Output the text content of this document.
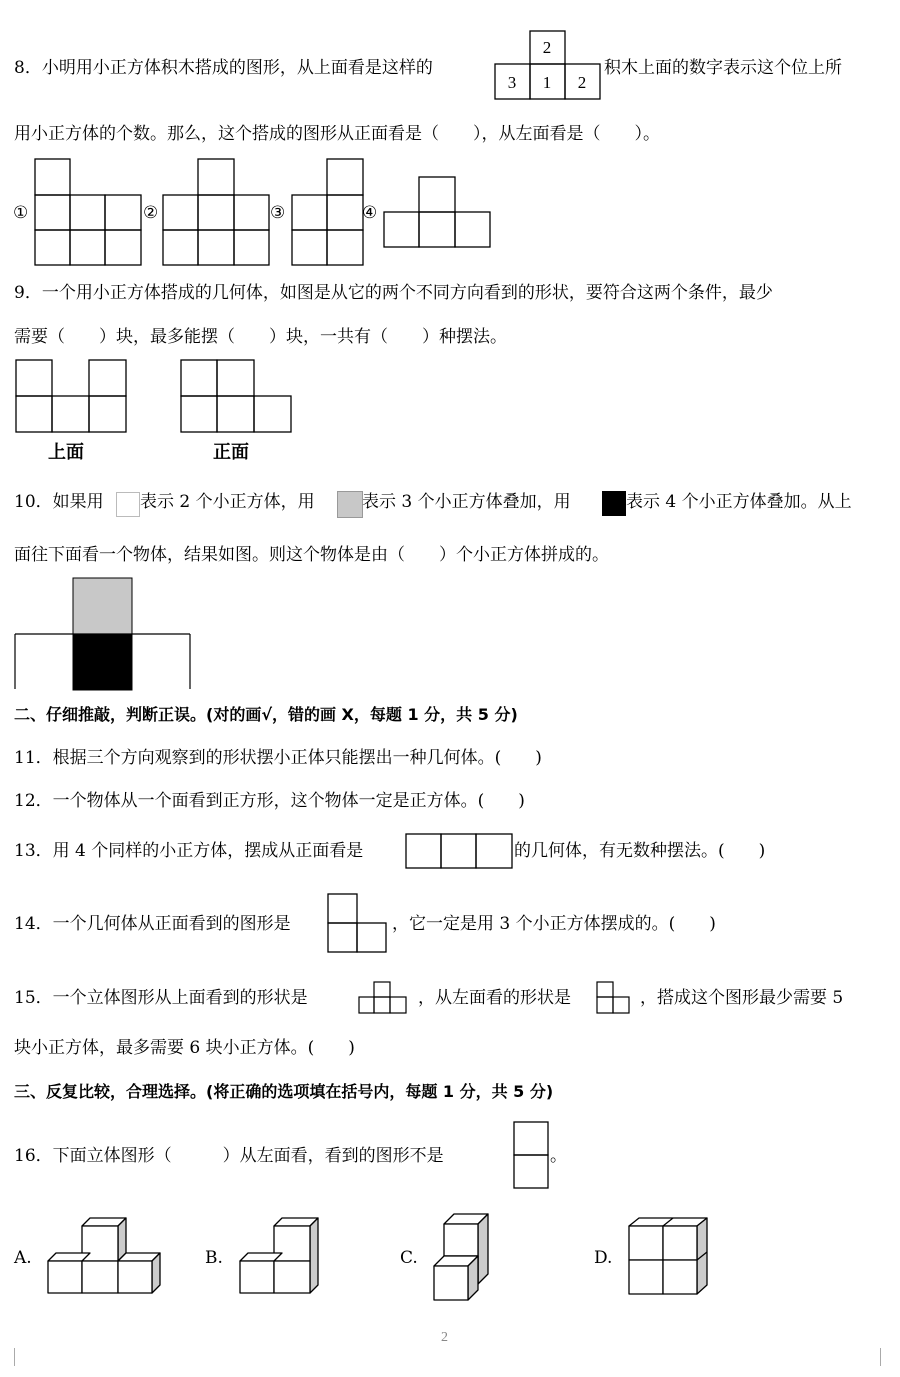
8．小明用小正方体积木搭成的图形，从上面看是这样的
2
3 1 2
积木上面的数字表示这个位上所
用小正方体的个数。那么，这个搭成的图形从正面看是（　　），从左面看是（　　）。
①	②	③	④
9．一个用小正方体搭成的几何体，如图是从它的两个不同方向看到的形状，要符合这两个条件，最少
需要（　　）块，最多能摆（　　）块，一共有（　　）种摆法。
上面	正面
10．如果用 表示 2 个小正方体，用	表示 3 个小正方体叠加，用	表示 4 个小正方体叠加。从上
面往下面看一个物体，结果如图。则这个物体是由（　　）个小正方体拼成的。
二、仔细推敲，判断正误。(对的画√，错的画 X，每题 1 分，共 5 分)
11．根据三个方向观察到的形状摆小正体只能摆出一种几何体。(　　)
12．一个物体从一个面看到正方形，这个物体一定是正方体。(　　)
13．用 4 个同样的小正方体，摆成从正面看是	的几何体，有无数种摆法。(　　)
14．一个几何体从正面看到的图形是	，它一定是用 3 个小正方体摆成的。(　　)
15．一个立体图形从上面看到的形状是	，从左面看的形状是	，搭成这个图形最少需要 5
块小正方体，最多需要 6 块小正方体。(　　)
三、反复比较，合理选择。(将正确的选项填在括号内，每题 1 分，共 5 分)
16．下面立体图形（　　　）从左面看，看到的图形不是	。
A.	B.	C.	D.
2
